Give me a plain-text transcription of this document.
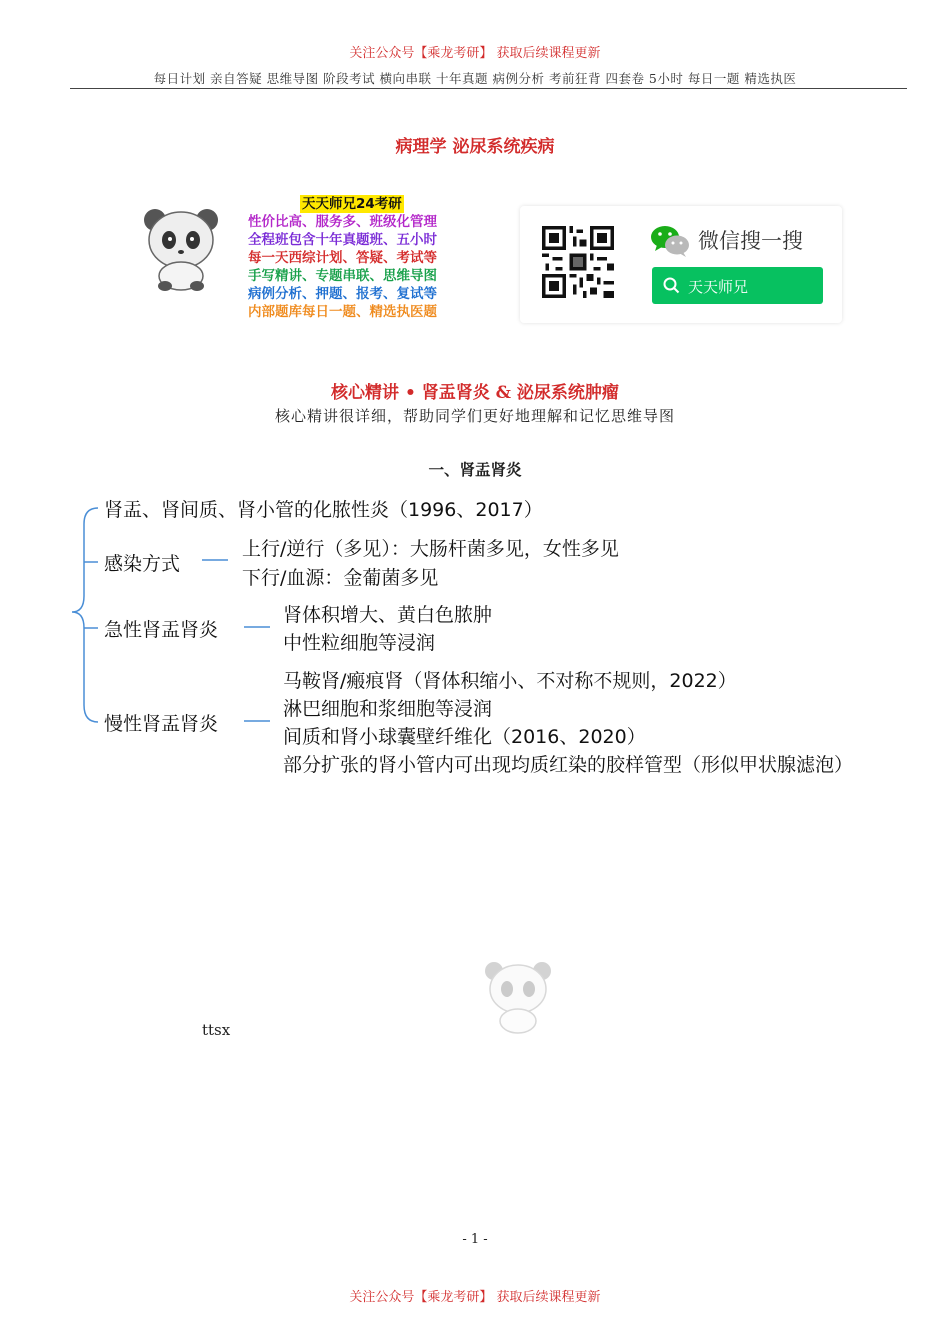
关注公众号【乘龙考研】 获取后续课程更新
每日计划 亲自答疑 思维导图 阶段考试 横向串联 十年真题 病例分析 考前狂背 四套卷 5小时 每日一题 精选执医
病理学 泌尿系统疾病
天天师兄24考研
性价比高、服务多、班级化管理
全程班包含十年真题班、五小时
每一天西综计划、答疑、考试等
手写精讲、专题串联、思维导图
病例分析、押题、报考、复试等
内部题库每日一题、精选执医题
微信搜一搜
天天师兄
核心精讲 • 肾盂肾炎 & 泌尿系统肿瘤
核心精讲很详细，帮助同学们更好地理解和记忆思维导图
一、肾盂肾炎
肾盂、肾间质、肾小管的化脓性炎（1996、2017）
感染方式
上行/逆行（多见）：大肠杆菌多见，女性多见
下行/血源：金葡菌多见
急性肾盂肾炎
肾体积增大、黄白色脓肿
中性粒细胞等浸润
慢性肾盂肾炎
马鞍肾/瘢痕肾（肾体积缩小、不对称不规则，2022）
淋巴细胞和浆细胞等浸润
间质和肾小球囊壁纤维化（2016、2020）
部分扩张的肾小管内可出现均质红染的胶样管型（形似甲状腺滤泡）
ttsx
- 1 -
关注公众号【乘龙考研】 获取后续课程更新
